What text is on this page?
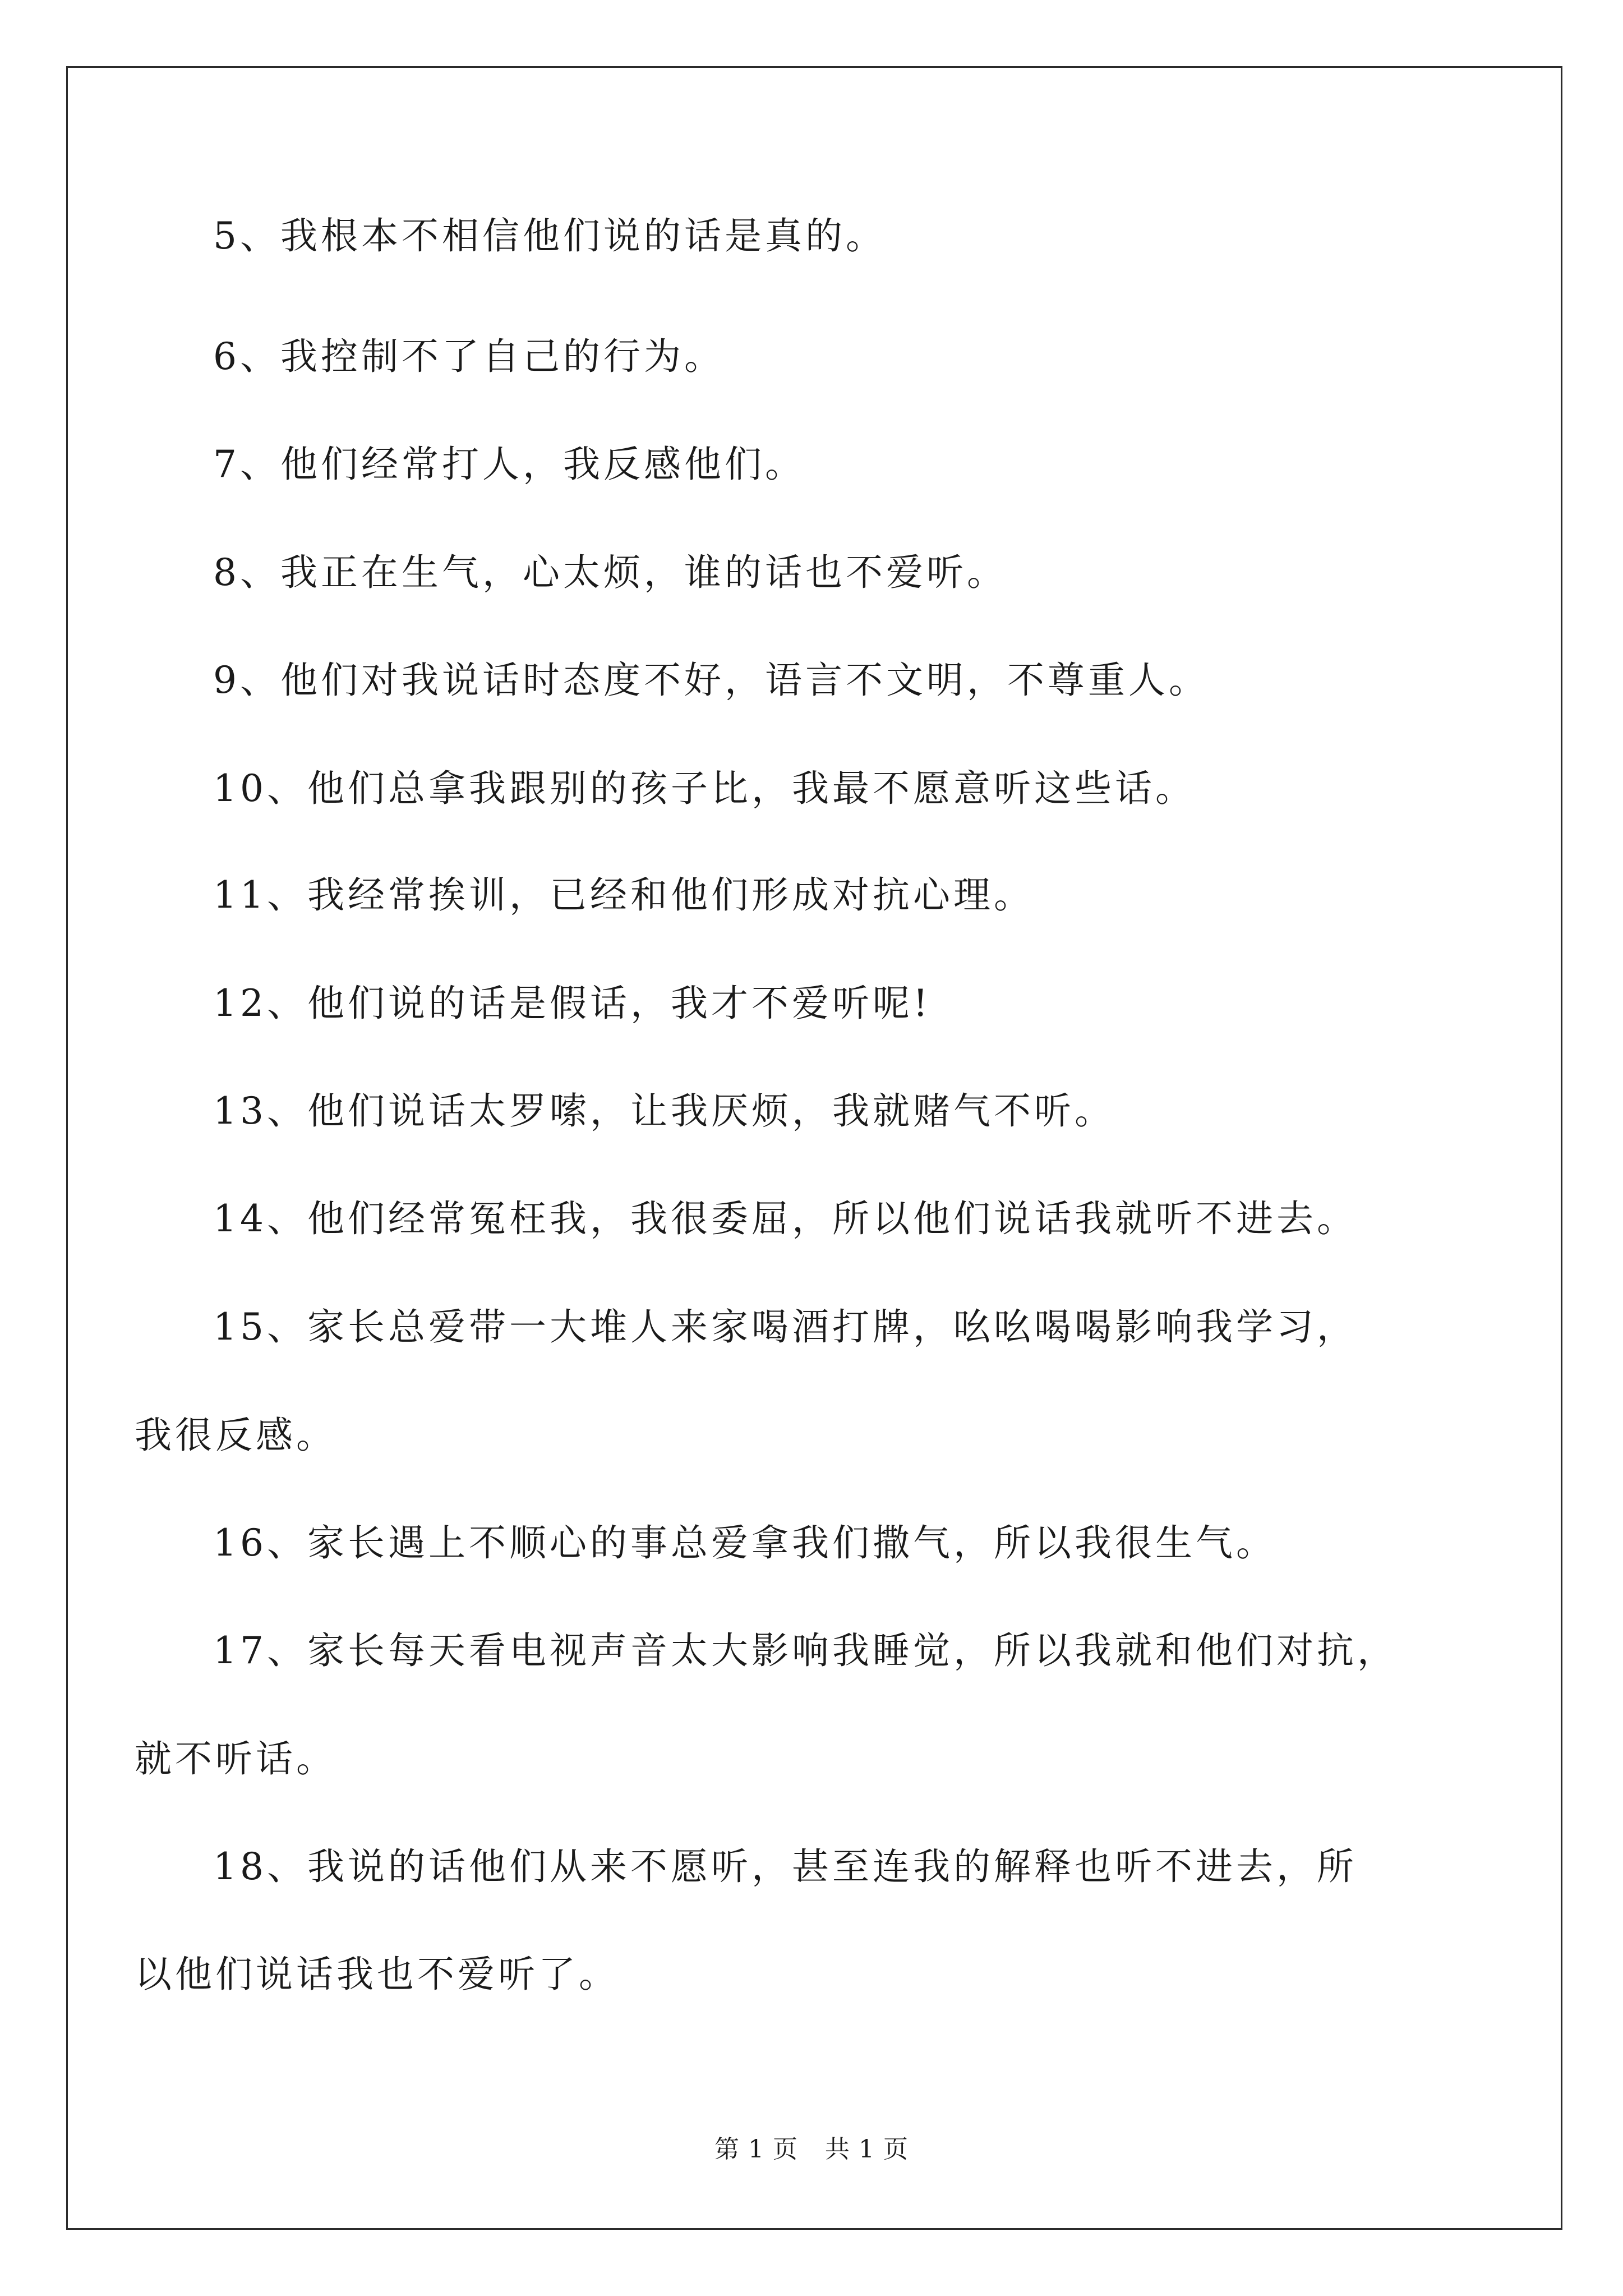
5、我根本不相信他们说的话是真的。
6、我控制不了自己的行为。
7、他们经常打人，我反感他们。
8、我正在生气，心太烦，谁的话也不爱听。
9、他们对我说话时态度不好，语言不文明，不尊重人。
10、他们总拿我跟别的孩子比，我最不愿意听这些话。
11、我经常挨训，已经和他们形成对抗心理。
12、他们说的话是假话，我才不爱听呢!
13、他们说话太罗嗦，让我厌烦，我就赌气不听。
14、他们经常冤枉我，我很委屈，所以他们说话我就听不进去。
15、家长总爱带一大堆人来家喝酒打牌，吆吆喝喝影响我学习，
我很反感。
16、家长遇上不顺心的事总爱拿我们撒气，所以我很生气。
17、家长每天看电视声音太大影响我睡觉，所以我就和他们对抗，
就不听话。
18、我说的话他们从来不愿听，甚至连我的解释也听不进去，所
以他们说话我也不爱听了。
第 1 页 共 1 页
